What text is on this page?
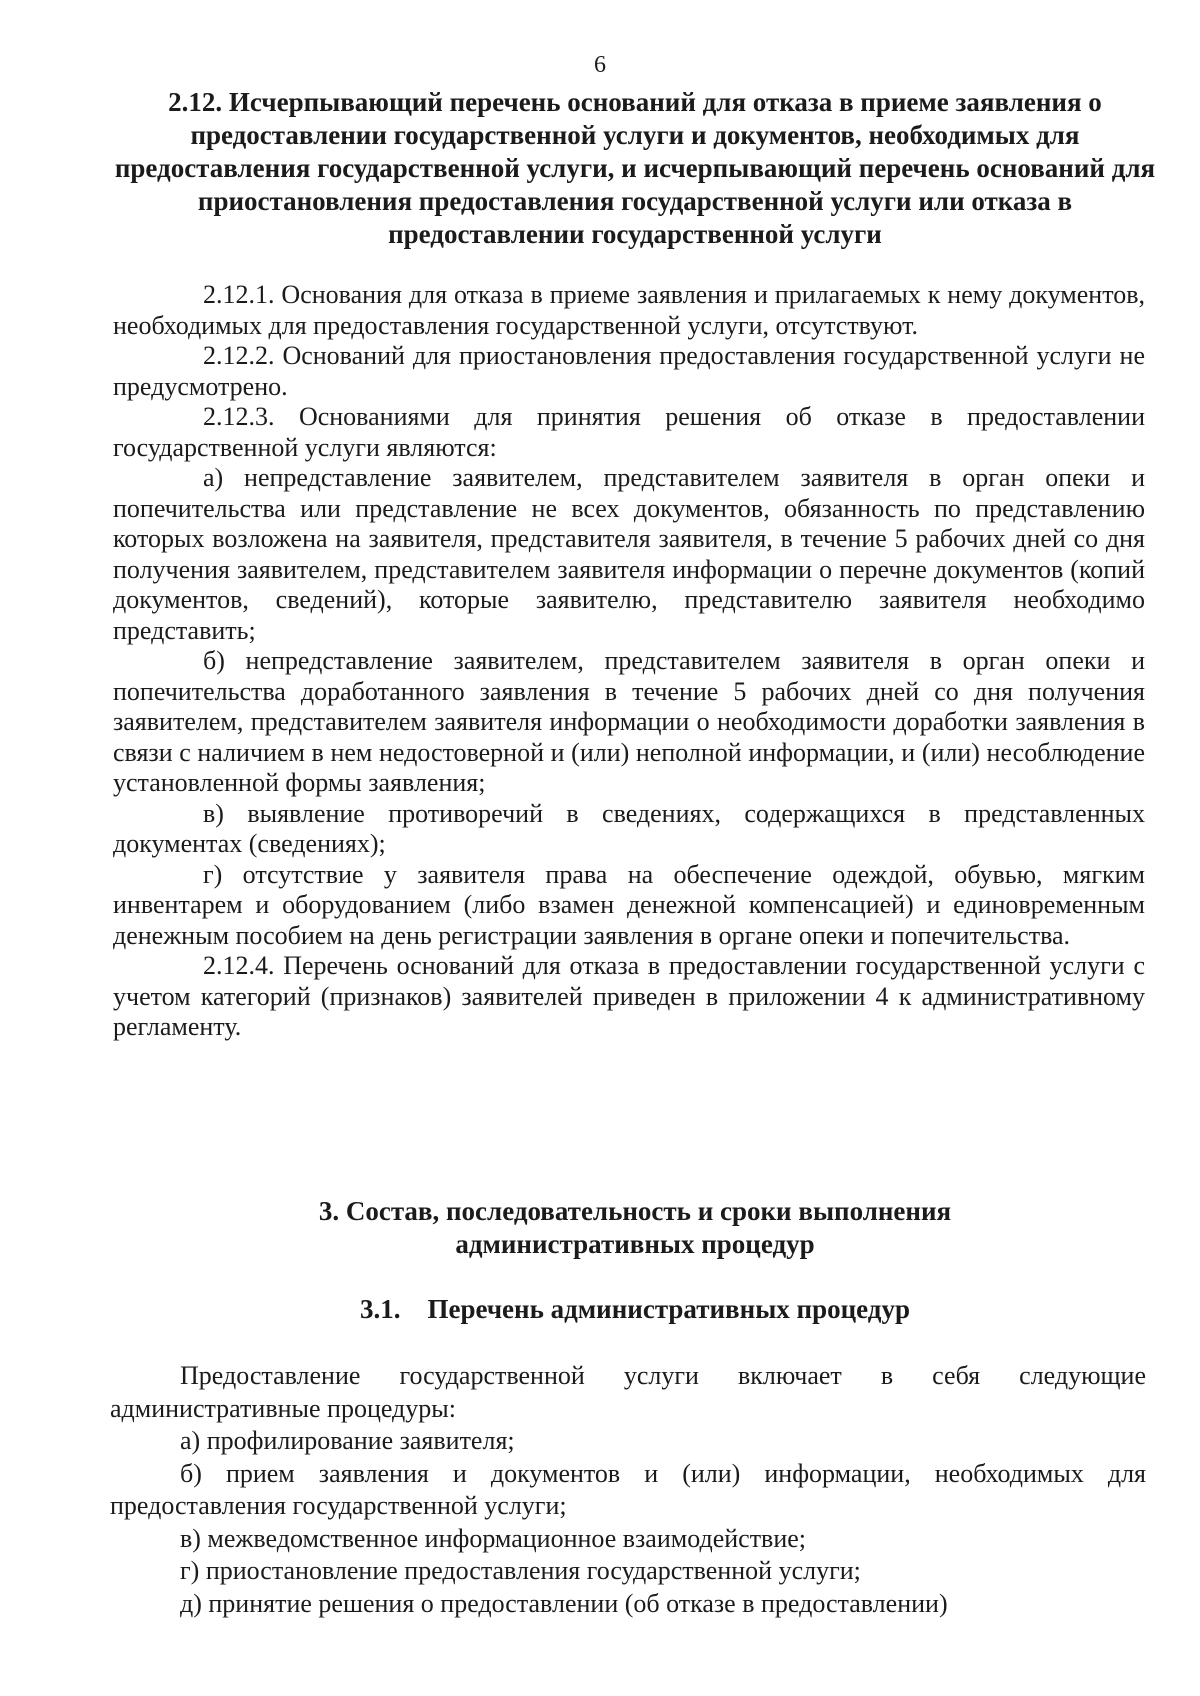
6
2.12. Исчерпывающий перечень оснований для отказа в приеме заявления о предоставлении государственной услуги и документов, необходимых для предоставления государственной услуги, и исчерпывающий перечень оснований для приостановления предоставления государственной услуги или отказа в предоставлении государственной услуги

2.12.1. Основания для отказа в приеме заявления и прилагаемых к нему документов, необходимых для предоставления государственной услуги, отсутствуют.

2.12.2. Оснований для приостановления предоставления государственной услуги не предусмотрено.

2.12.3. Основаниями для принятия решения об отказе в предоставлении государственной услуги являются:

а) непредставление заявителем, представителем заявителя в орган опеки и попечительства или представление не всех документов, обязанность по представлению которых возложена на заявителя, представителя заявителя, в течение 5 рабочих дней со дня получения заявителем, представителем заявителя информации о перечне документов (копий документов, сведений), которые заявителю, представителю заявителя необходимо представить;

б) непредставление заявителем, представителем заявителя в орган опеки и попечительства доработанного заявления в течение 5 рабочих дней со дня получения заявителем, представителем заявителя информации о необходимости доработки заявления в связи с наличием в нем недостоверной и (или) неполной информации, и (или) несоблюдение установленной формы заявления;

в) выявление противоречий в сведениях, содержащихся в представленных документах (сведениях);

г) отсутствие у заявителя права на обеспечение одеждой, обувью, мягким инвентарем и оборудованием (либо взамен денежной компенсацией) и единовременным денежным пособием на день регистрации заявления в органе опеки и попечительства.

2.12.4. Перечень оснований для отказа в предоставлении государственной услуги с учетом категорий (признаков) заявителей приведен в приложении 4 к административному регламенту.

3. Состав, последовательность и сроки выполнения
административных процедур
3.1.    Перечень административных процедур

Предоставление государственной услуги включает в себя следующие административные процедуры:

а) профилирование заявителя;

б) прием заявления и документов и (или) информации, необходимых для предоставления государственной услуги;

в) межведомственное информационное взаимодействие;

г) приостановление предоставления государственной услуги;

д) принятие решения о предоставлении (об отказе в предоставлении)
